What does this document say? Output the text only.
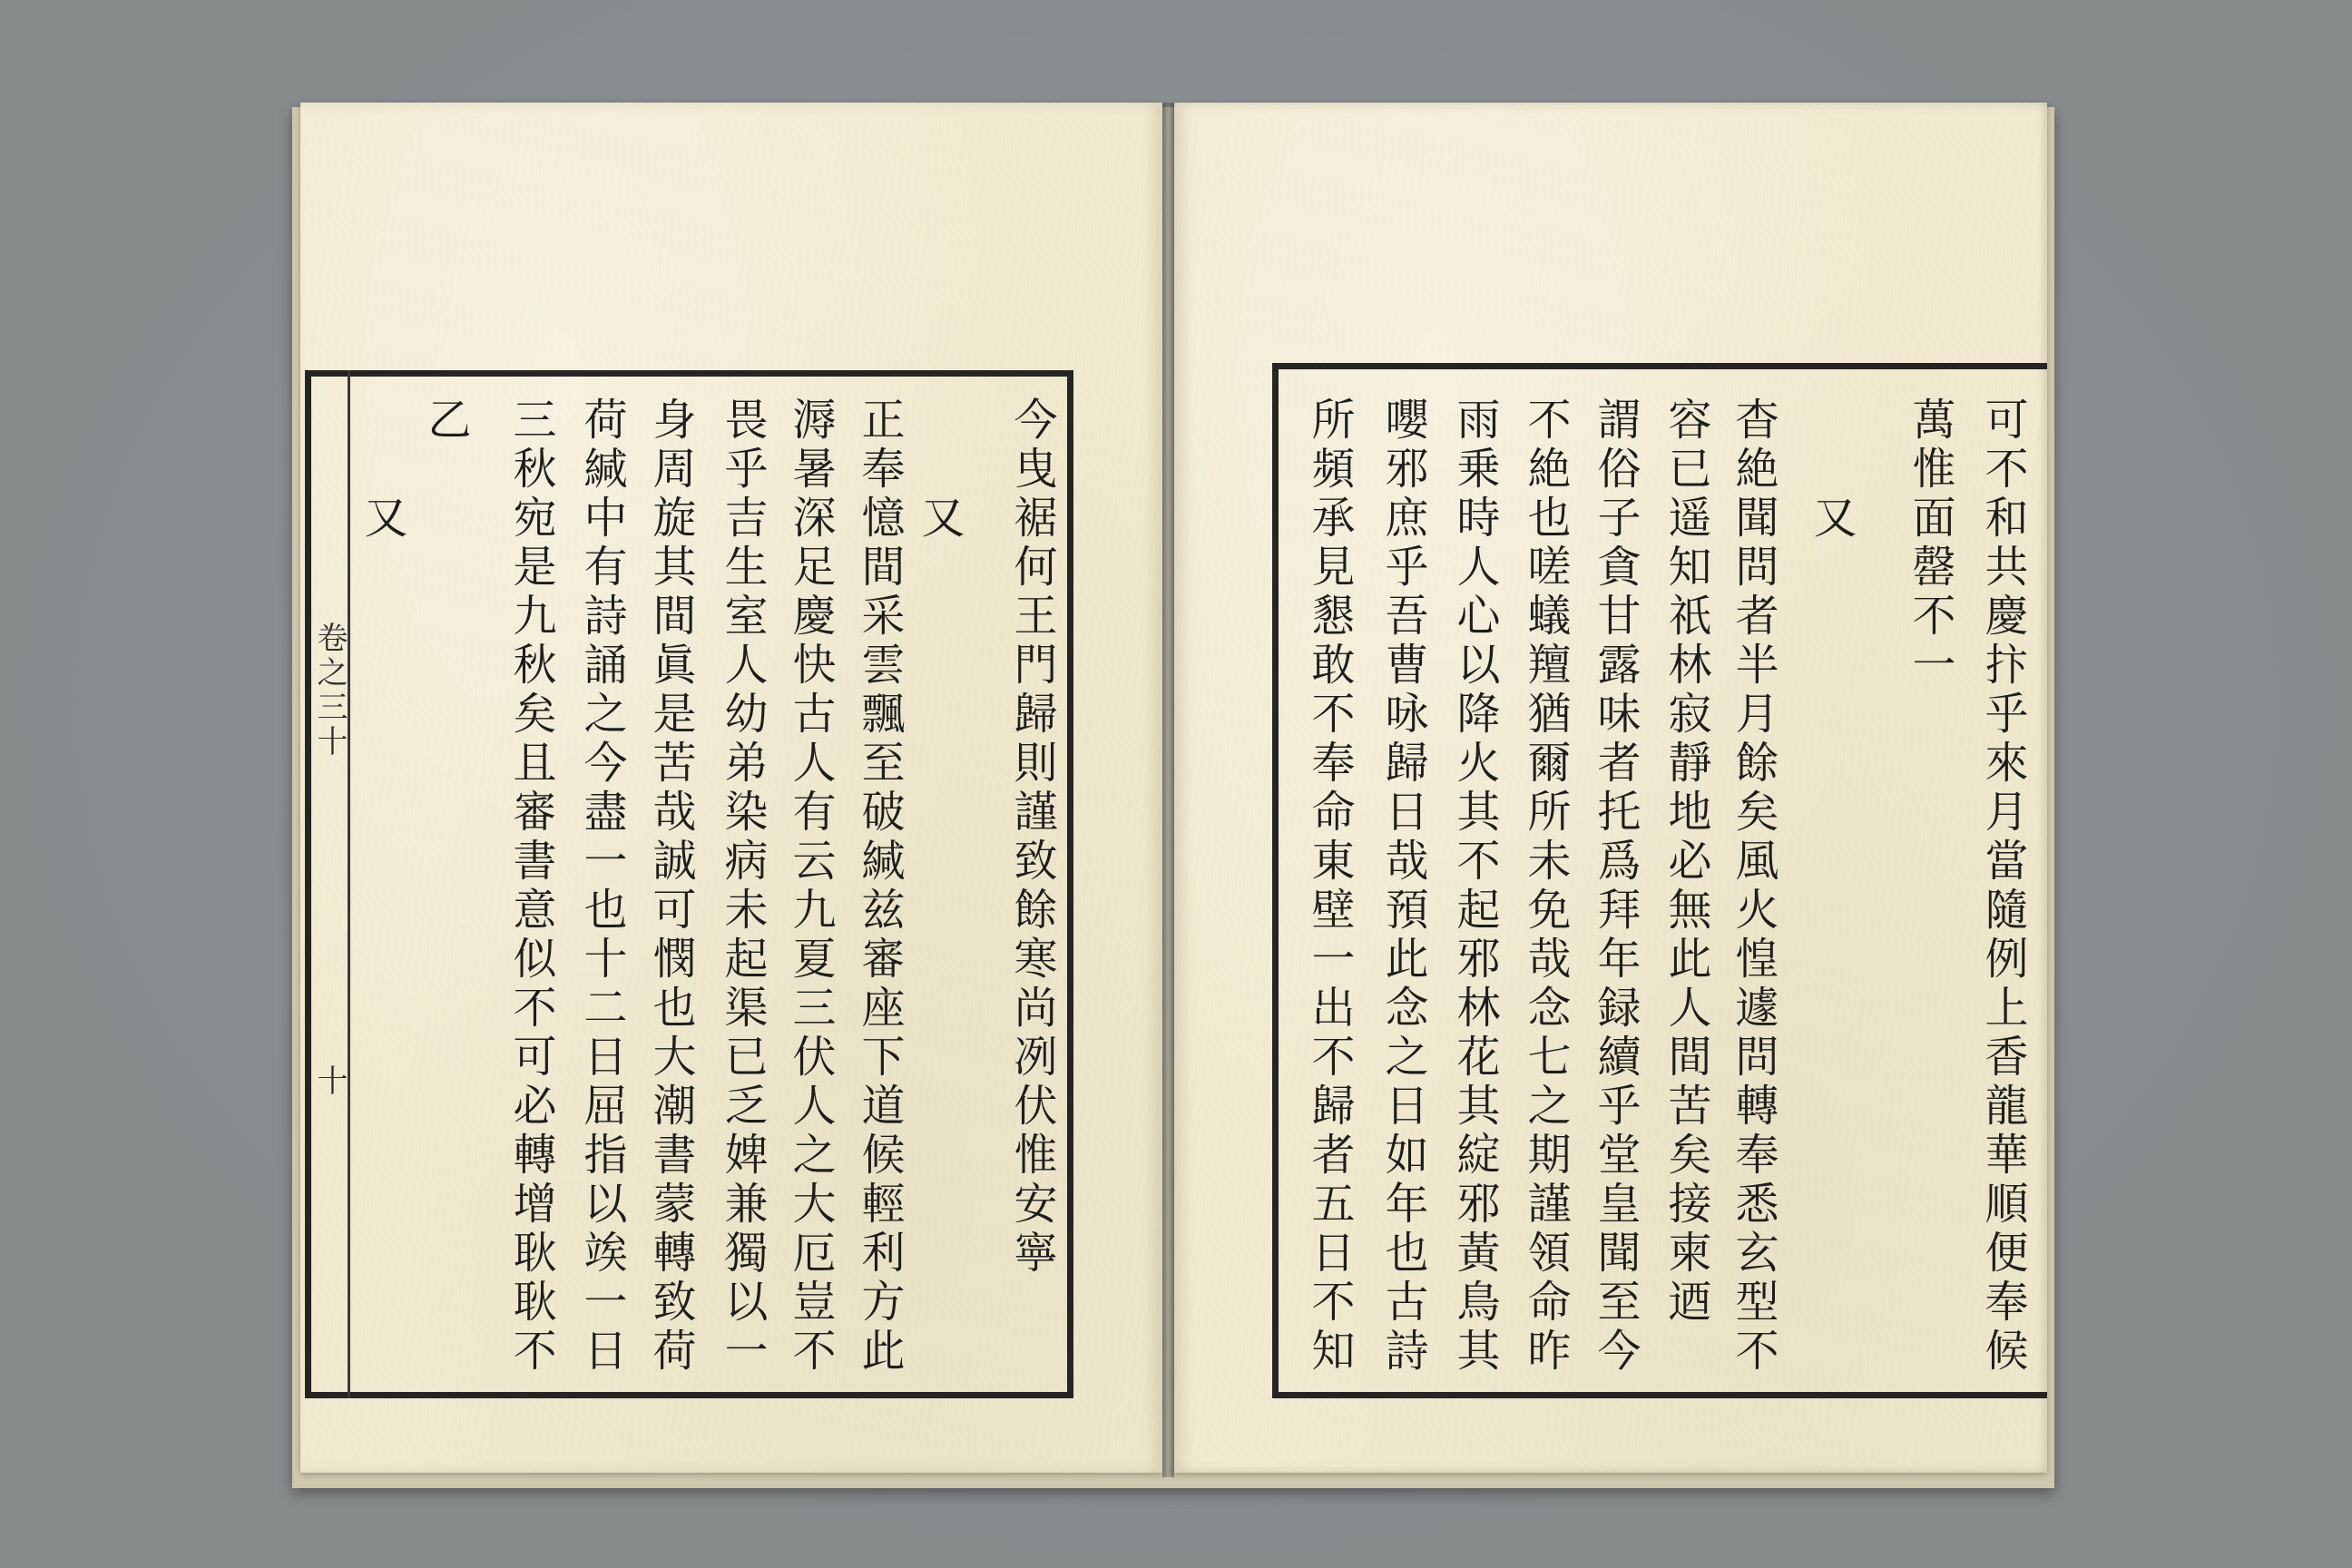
卷之三十
十	今曳裾何王門歸則謹致餘寒尚冽伏惟安寧
又
正奉憶間采雲飄至破緘兹審座下道候輕利方此
溽暑深足慶快古人有云九夏三伏人之大厄豈不
畏乎吉生室人幼弟染病未起渠已乏婢兼獨以一
身周旋其間眞是苦哉誠可憫也大潮書蒙轉致荷
荷緘中有詩誦之今盡一也十二日屈指以竢一日
三秋宛是九秋矣且審書意似不可必轉增耿耿不
乙
又	可不和共慶抃乎來月當隨例上香龍華順便奉候
萬惟面罄不一
又
杳絶聞問者半月餘矣風火惶遽問轉奉悉玄型不
容已遥知祇林寂靜地必無此人間苦矣接柬迺
謂俗子貪甘露味者托爲拜年録續乎堂皇聞至今
不絶也嗟蟻羶猶爾所未免哉念七之期謹領命昨
雨乗時人心以降火其不起邪林花其綻邪黃鳥其
嚶邪庶乎吾曹咏歸日哉預此念之日如年也古詩
所頻承見懇敢不奉命東壁一出不歸者五日不知
